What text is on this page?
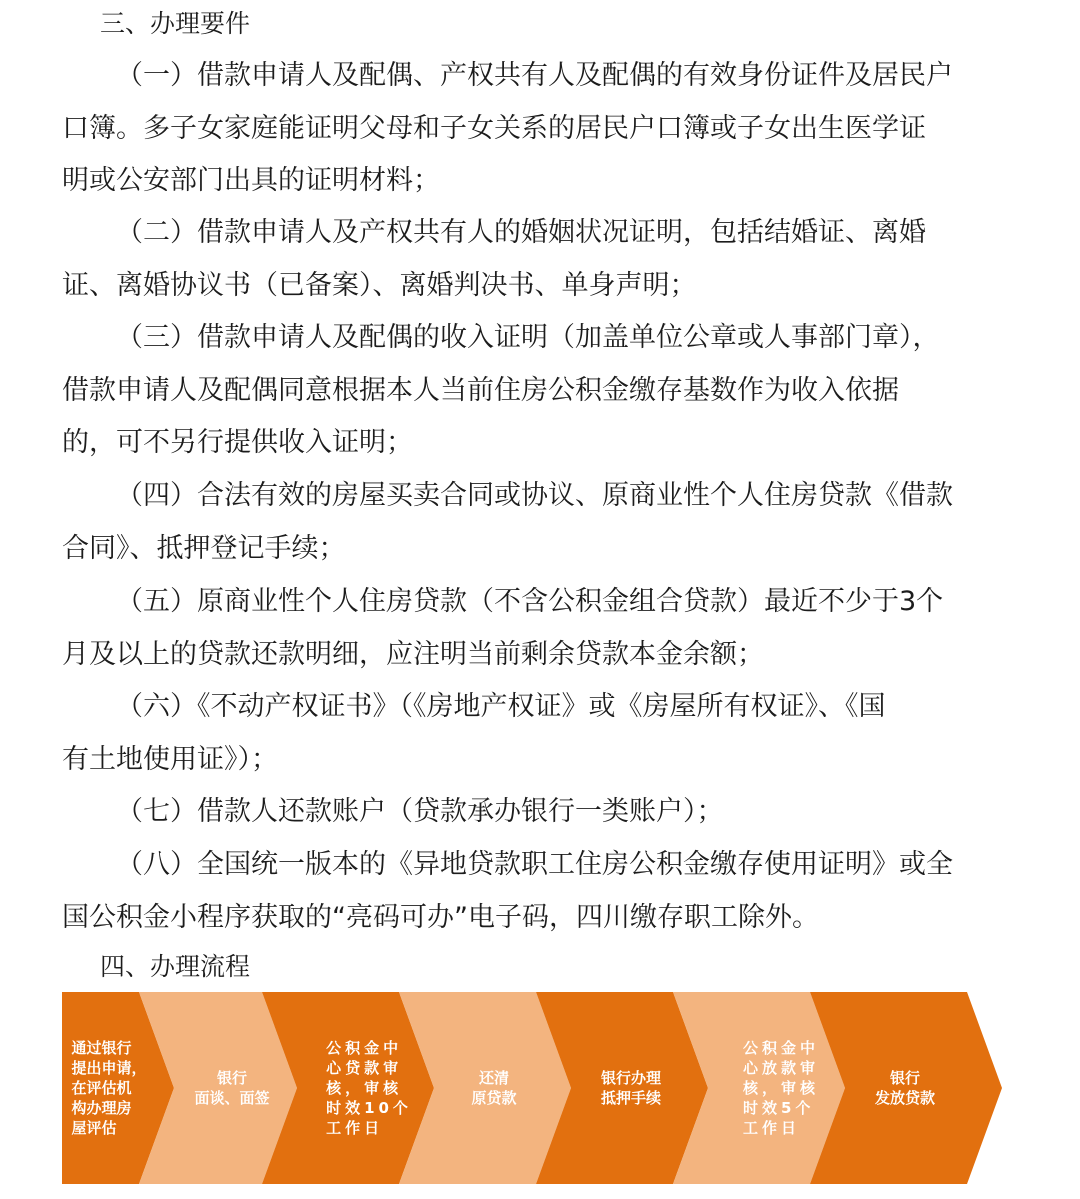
三、办理要件

（一）借款申请人及配偶、产权共有人及配偶的有效身份证件及居民户
口簿。多子女家庭能证明父母和子女关系的居民户口簿或子女出生医学证
明或公安部门出具的证明材料；

（二）借款申请人及产权共有人的婚姻状况证明，包括结婚证、离婚
证、离婚协议书（已备案）、离婚判决书、单身声明；

（三）借款申请人及配偶的收入证明（加盖单位公章或人事部门章），
借款申请人及配偶同意根据本人当前住房公积金缴存基数作为收入依据
的，可不另行提供收入证明；

（四）合法有效的房屋买卖合同或协议、原商业性个人住房贷款《借款
合同》、抵押登记手续；

（五）原商业性个人住房贷款（不含公积金组合贷款）最近不少于3个
月及以上的贷款还款明细，应注明当前剩余贷款本金余额；

（六）《不动产权证书》（《房地产权证》或《房屋所有权证》、《国
有土地使用证》）；

（七）借款人还款账户（贷款承办银行一类账户）；

（八）全国统一版本的《异地贷款职工住房公积金缴存使用证明》或全
国公积金小程序获取的“亮码可办”电子码，四川缴存职工除外。

四、办理流程
通过银行
提出申请，
在评估机
构办理房
屋评估
银行
面谈、面签
公积金中
心贷款审
核，审核
时效10个
工作日
还清
原贷款
银行办理
抵押手续
公积金中
心放款审
核，审核
时效5个
工作日
银行
发放贷款
